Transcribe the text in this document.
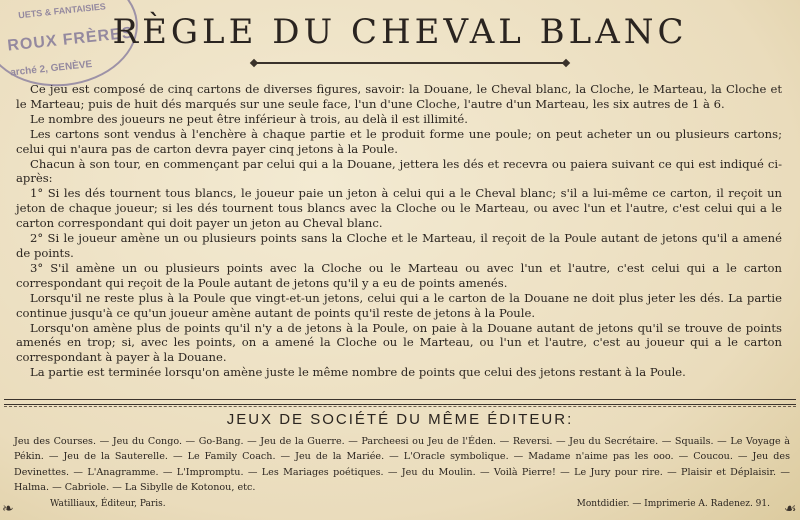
UETS & FANTAISIES
ROUX FRÈRES
arché 2, GENÈVE
RÈGLE DU CHEVAL BLANC

Ce jeu est composé de cinq cartons de diverses figures, savoir: la Douane, le Cheval blanc, la Cloche, le Marteau, la Cloche et le Marteau; puis de huit dés marqués sur une seule face, l'un d'une Cloche, l'autre d'un Marteau, les six autres de 1 à 6.

Le nombre des joueurs ne peut être inférieur à trois, au delà il est illimité.

Les cartons sont vendus à l'enchère à chaque partie et le produit forme une poule; on peut acheter un ou plusieurs cartons; celui qui n'aura pas de carton devra payer cinq jetons à la Poule.

Chacun à son tour, en commençant par celui qui a la Douane, jettera les dés et recevra ou paiera suivant ce qui est indiqué ci-après:

1° Si les dés tournent tous blancs, le joueur paie un jeton à celui qui a le Cheval blanc; s'il a lui-même ce carton, il reçoit un jeton de chaque joueur; si les dés tournent tous blancs avec la Cloche ou le Marteau, ou avec l'un et l'autre, c'est celui qui a le carton correspondant qui doit payer un jeton au Cheval blanc.

2° Si le joueur amène un ou plusieurs points sans la Cloche et le Marteau, il reçoit de la Poule autant de jetons qu'il a amené de points.

3° S'il amène un ou plusieurs points avec la Cloche ou le Marteau ou avec l'un et l'autre, c'est celui qui a le carton correspondant qui reçoit de la Poule autant de jetons qu'il y a eu de points amenés.

Lorsqu'il ne reste plus à la Poule que vingt-et-un jetons, celui qui a le carton de la Douane ne doit plus jeter les dés. La partie continue jusqu'à ce qu'un joueur amène autant de points qu'il reste de jetons à la Poule.

Lorsqu'on amène plus de points qu'il n'y a de jetons à la Poule, on paie à la Douane autant de jetons qu'il se trouve de points amenés en trop; si, avec les points, on a amené la Cloche ou le Marteau, ou l'un et l'autre, c'est au joueur qui a le carton correspondant à payer à la Douane.

La partie est terminée lorsqu'on amène juste le même nombre de points que celui des jetons restant à la Poule.

JEUX DE SOCIÉTÉ DU MÊME ÉDITEUR:
Jeu des Courses. — Jeu du Congo. — Go-Bang. — Jeu de la Guerre. — Parcheesi ou Jeu de l'Éden. — Reversi. — Jeu du Secrétaire. — Squails. — Le Voyage à Pékin. — Jeu de la Sauterelle. — Le Family Coach. — Jeu de la Mariée. — L'Oracle symbolique. — Madame n'aime pas les ooo. — Coucou. — Jeu des Devinettes. — L'Anagramme. — L'Impromptu. — Les Mariages poétiques. — Jeu du Moulin. — Voilà Pierre! — Le Jury pour rire. — Plaisir et Déplaisir. — Halma. — Cabriole. — La Sibylle de Kotonou, etc.
Watilliaux, Éditeur, Paris.	Montdidier. — Imprimerie A. Radenez. 91.
❧	☙
